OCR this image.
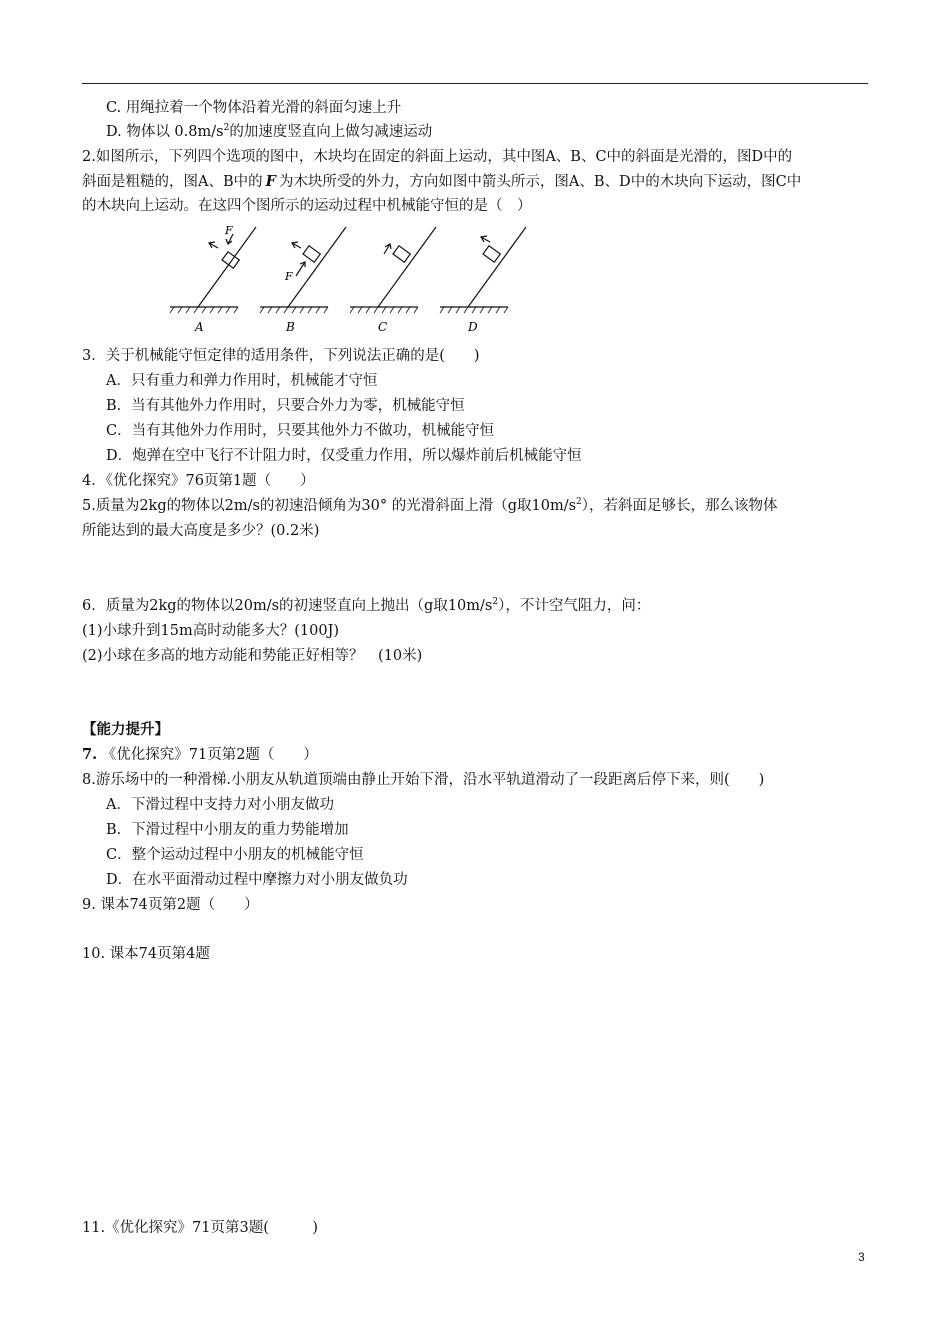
C. 用绳拉着一个物体沿着光滑的斜面匀速上升
D. 物体以 $0.8m/s^2$的加速度竖直向上做匀减速运动
2.如图所示，下列四个选项的图中，木块均在固定的斜面上运动，其中图A、B、C中的斜面是光滑的，图D中的
斜面是粗糙的，图A、B中的 F 为木块所受的外力，方向如图中箭头所示，图A、B、D中的木块向下运动，图C中
的木块向上运动。在这四个图所示的运动过程中机械能守恒的是（　）
F
F
A	B	C	D
3．关于机械能守恒定律的适用条件，下列说法正确的是(　　)
A．只有重力和弹力作用时，机械能才守恒
B．当有其他外力作用时，只要合外力为零，机械能守恒
C．当有其他外力作用时，只要其他外力不做功，机械能守恒
D．炮弹在空中飞行不计阻力时，仅受重力作用，所以爆炸前后机械能守恒
4．《优化探究》76页第1题（　　）
5.质量为2kg的物体以2m/s的初速沿倾角为30° 的光滑斜面上滑（g取$10m/s^2$），若斜面足够长，那么该物体
所能达到的最大高度是多少？(0.2米)
6．质量为2kg的物体以20m/s的初速竖直向上抛出（g取$10m/s^2$），不计空气阻力，问：
(1)小球升到15m高时动能多大？(100J)
(2)小球在多高的地方动能和势能正好相等？　(10米)
【能力提升】
7. 《优化探究》71页第2题（　　）
8.游乐场中的一种滑梯.小朋友从轨道顶端由静止开始下滑，沿水平轨道滑动了一段距离后停下来，则(　　)
A．下滑过程中支持力对小朋友做功
B．下滑过程中小朋友的重力势能增加
C．整个运动过程中小朋友的机械能守恒
D．在水平面滑动过程中摩擦力对小朋友做负功
9. 课本74页第2题（　　）
10. 课本74页第4题
11.《优化探究》71页第3题(　　　)
3
